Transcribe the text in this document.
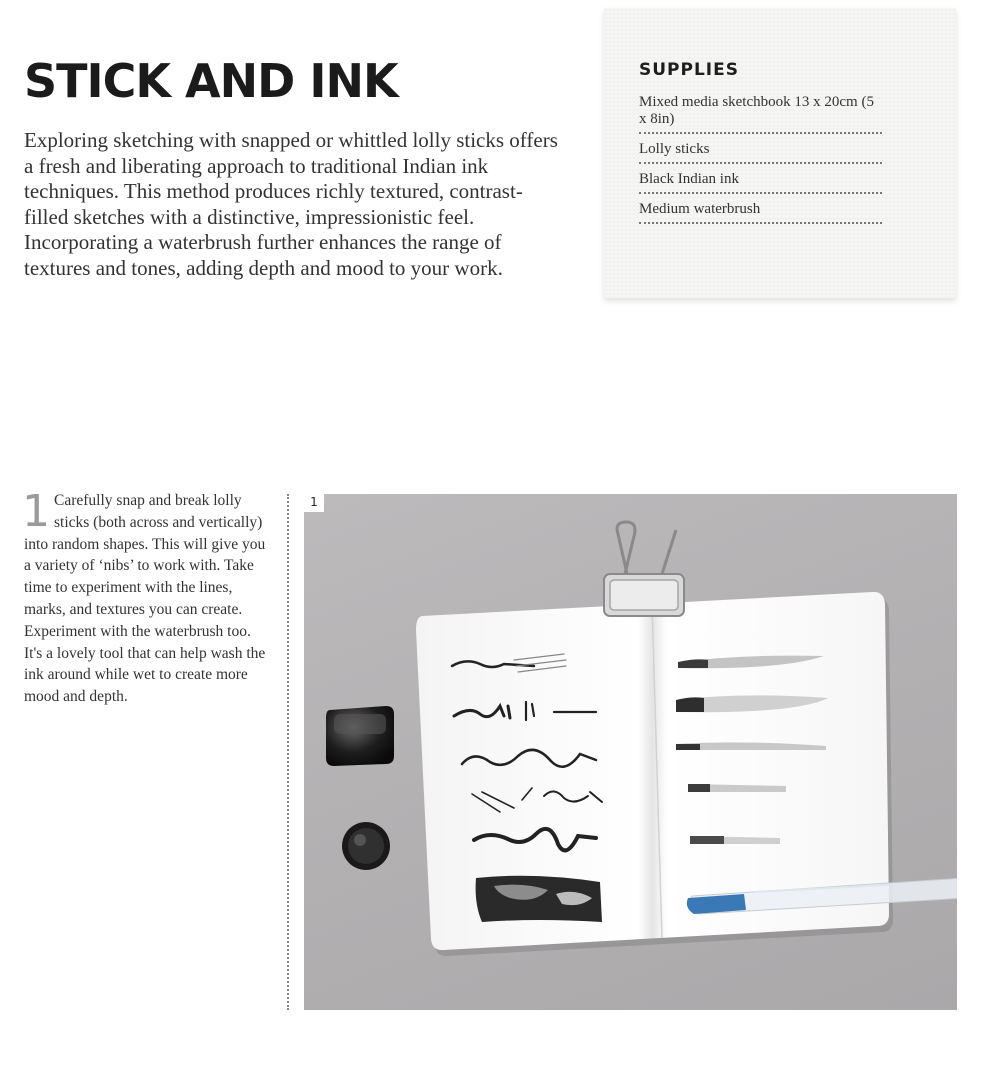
STICK AND INK

Exploring sketching with snapped or whittled lolly sticks offers a fresh and liberating approach to traditional Indian ink techniques. This method produces richly textured, contrast-filled sketches with a distinctive, impressionistic feel. Incorporating a waterbrush further enhances the range of textures and tones, adding depth and mood to your work.

SUPPLIES
Mixed media sketchbook 13 x 20cm (5 x 8in)
Lolly sticks
Black Indian ink
Medium waterbrush

1 Carefully snap and break lolly sticks (both across and vertically) into random shapes. This will give you a variety of ‘nibs’ to work with. Take time to experiment with the lines, marks, and textures you can create. Experiment with the waterbrush too. It's a lovely tool that can help wash the ink around while wet to create more mood and depth.

1
